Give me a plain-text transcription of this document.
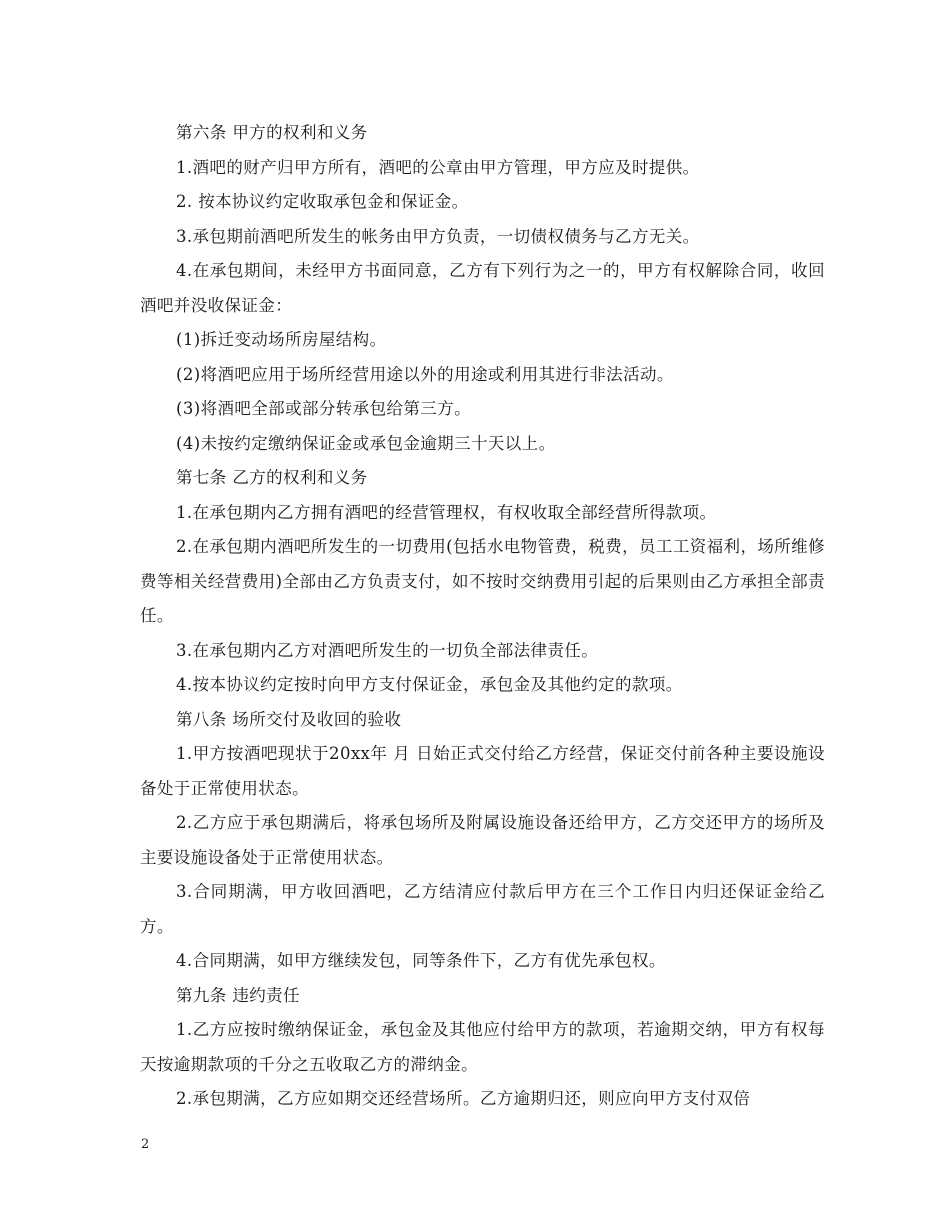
第六条 甲方的权利和义务

1.酒吧的财产归甲方所有，酒吧的公章由甲方管理，甲方应及时提供。

2. 按本协议约定收取承包金和保证金。

3.承包期前酒吧所发生的帐务由甲方负责，一切债权债务与乙方无关。

4.在承包期间，未经甲方书面同意，乙方有下列行为之一的，甲方有权解除合同，收回酒吧并没收保证金：

(1)拆迁变动场所房屋结构。

(2)将酒吧应用于场所经营用途以外的用途或利用其进行非法活动。

(3)将酒吧全部或部分转承包给第三方。

(4)未按约定缴纳保证金或承包金逾期三十天以上。

第七条 乙方的权利和义务

1.在承包期内乙方拥有酒吧的经营管理权，有权收取全部经营所得款项。

2.在承包期内酒吧所发生的一切费用(包括水电物管费，税费，员工工资福利，场所维修费等相关经营费用)全部由乙方负责支付，如不按时交纳费用引起的后果则由乙方承担全部责任。

3.在承包期内乙方对酒吧所发生的一切负全部法律责任。

4.按本协议约定按时向甲方支付保证金，承包金及其他约定的款项。

第八条 场所交付及收回的验收

1.甲方按酒吧现状于20xx年 月 日始正式交付给乙方经营，保证交付前各种主要设施设备处于正常使用状态。

2.乙方应于承包期满后，将承包场所及附属设施设备还给甲方，乙方交还甲方的场所及主要设施设备处于正常使用状态。

3.合同期满，甲方收回酒吧，乙方结清应付款后甲方在三个工作日内归还保证金给乙方。

4.合同期满，如甲方继续发包，同等条件下，乙方有优先承包权。

第九条 违约责任

1.乙方应按时缴纳保证金，承包金及其他应付给甲方的款项，若逾期交纳，甲方有权每天按逾期款项的千分之五收取乙方的滞纳金。

2.承包期满，乙方应如期交还经营场所。乙方逾期归还，则应向甲方支付双倍

2
